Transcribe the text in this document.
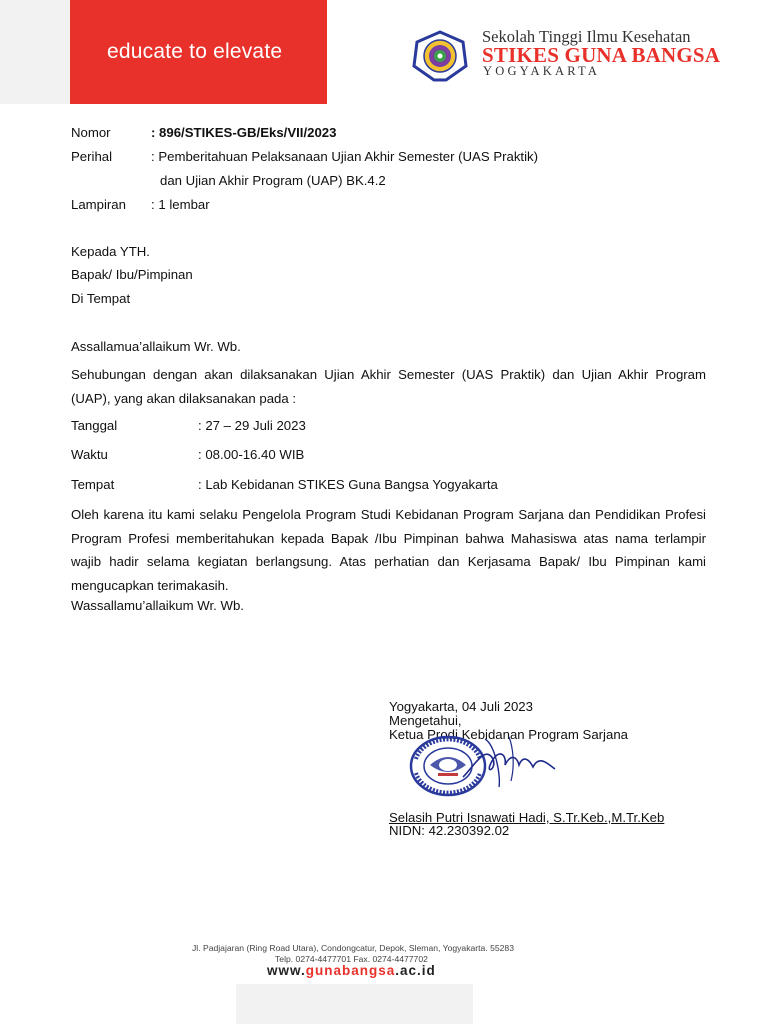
educate to elevate
Sekolah Tinggi Ilmu Kesehatan
STIKES GUNA BANGSA
YOGYAKARTA
Nomor	: 896/STIKES-GB/Eks/VII/2023
Perihal	: Pemberitahuan Pelaksanaan Ujian Akhir Semester (UAS Praktik)
dan Ujian Akhir Program (UAP) BK.4.2
Lampiran : 1 lembar
Kepada YTH.
Bapak/ Ibu/Pimpinan
Di Tempat
Assallamua’allaikum Wr. Wb.
Sehubungan dengan akan dilaksanakan Ujian Akhir Semester (UAS Praktik) dan Ujian Akhir Program (UAP), yang akan dilaksanakan pada :
Tanggal	: 27 – 29 Juli 2023
Waktu	: 08.00-16.40 WIB
Tempat	: Lab Kebidanan STIKES Guna Bangsa Yogyakarta
Oleh karena itu kami selaku Pengelola Program Studi Kebidanan Program Sarjana dan Pendidikan Profesi Program Profesi memberitahukan kepada Bapak /Ibu Pimpinan bahwa Mahasiswa atas nama terlampir wajib hadir selama kegiatan berlangsung. Atas perhatian dan Kerjasama Bapak/ Ibu Pimpinan kami mengucapkan terimakasih.
Wassallamu’allaikum Wr. Wb.
Yogyakarta, 04 Juli 2023
Mengetahui,
Ketua Prodi Kebidanan Program Sarjana
Selasih Putri Isnawati Hadi, S.Tr.Keb.,M.Tr.Keb
NIDN: 42.230392.02
Jl. Padjajaran (Ring Road Utara), Condongcatur, Depok, Sleman, Yogyakarta. 55283
Telp. 0274-4477701 Fax. 0274-4477702
www.gunabangsa.ac.id
